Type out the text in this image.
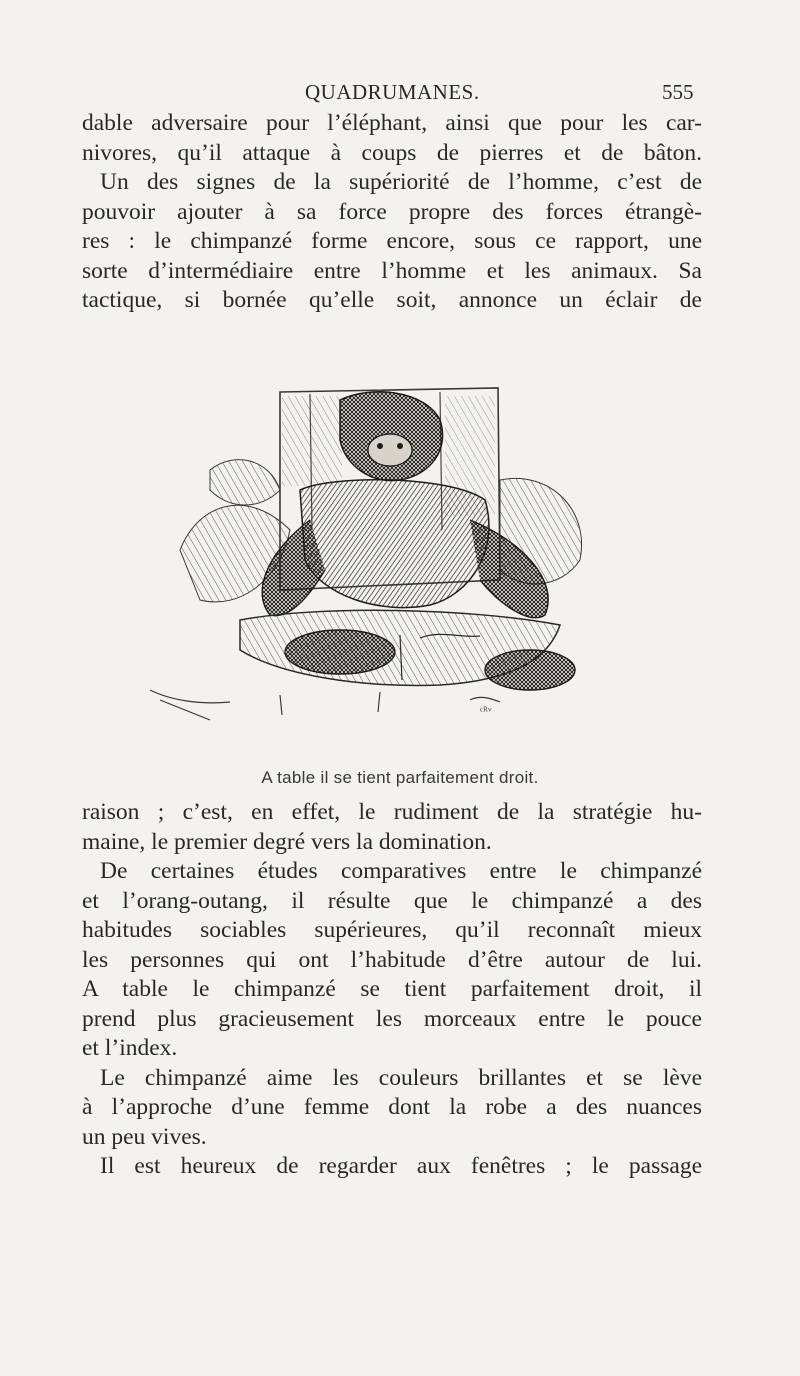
QUADRUMANES.	555
dable adversaire pour l’éléphant, ainsi que pour les car-
nivores, qu’il attaque à coups de pierres et de bâton.
Un des signes de la supériorité de l’homme, c’est de
pouvoir ajouter à sa force propre des forces étrangè-
res : le chimpanzé forme encore, sous ce rapport, une
sorte d’intermédiaire entre l’homme et les animaux. Sa
tactique, si bornée qu’elle soit, annonce un éclair de
ᶜᴿᵛ
A table il se tient parfaitement droit.
raison ; c’est, en effet, le rudiment de la stratégie hu-
maine, le premier degré vers la domination.
De certaines études comparatives entre le chimpanzé
et l’orang-outang, il résulte que le chimpanzé a des
habitudes sociables supérieures, qu’il reconnaît mieux
les personnes qui ont l’habitude d’être autour de lui.
A table le chimpanzé se tient parfaitement droit, il
prend plus gracieusement les morceaux entre le pouce
et l’index.
Le chimpanzé aime les couleurs brillantes et se lève
à l’approche d’une femme dont la robe a des nuances
un peu vives.
Il est heureux de regarder aux fenêtres ; le passage
